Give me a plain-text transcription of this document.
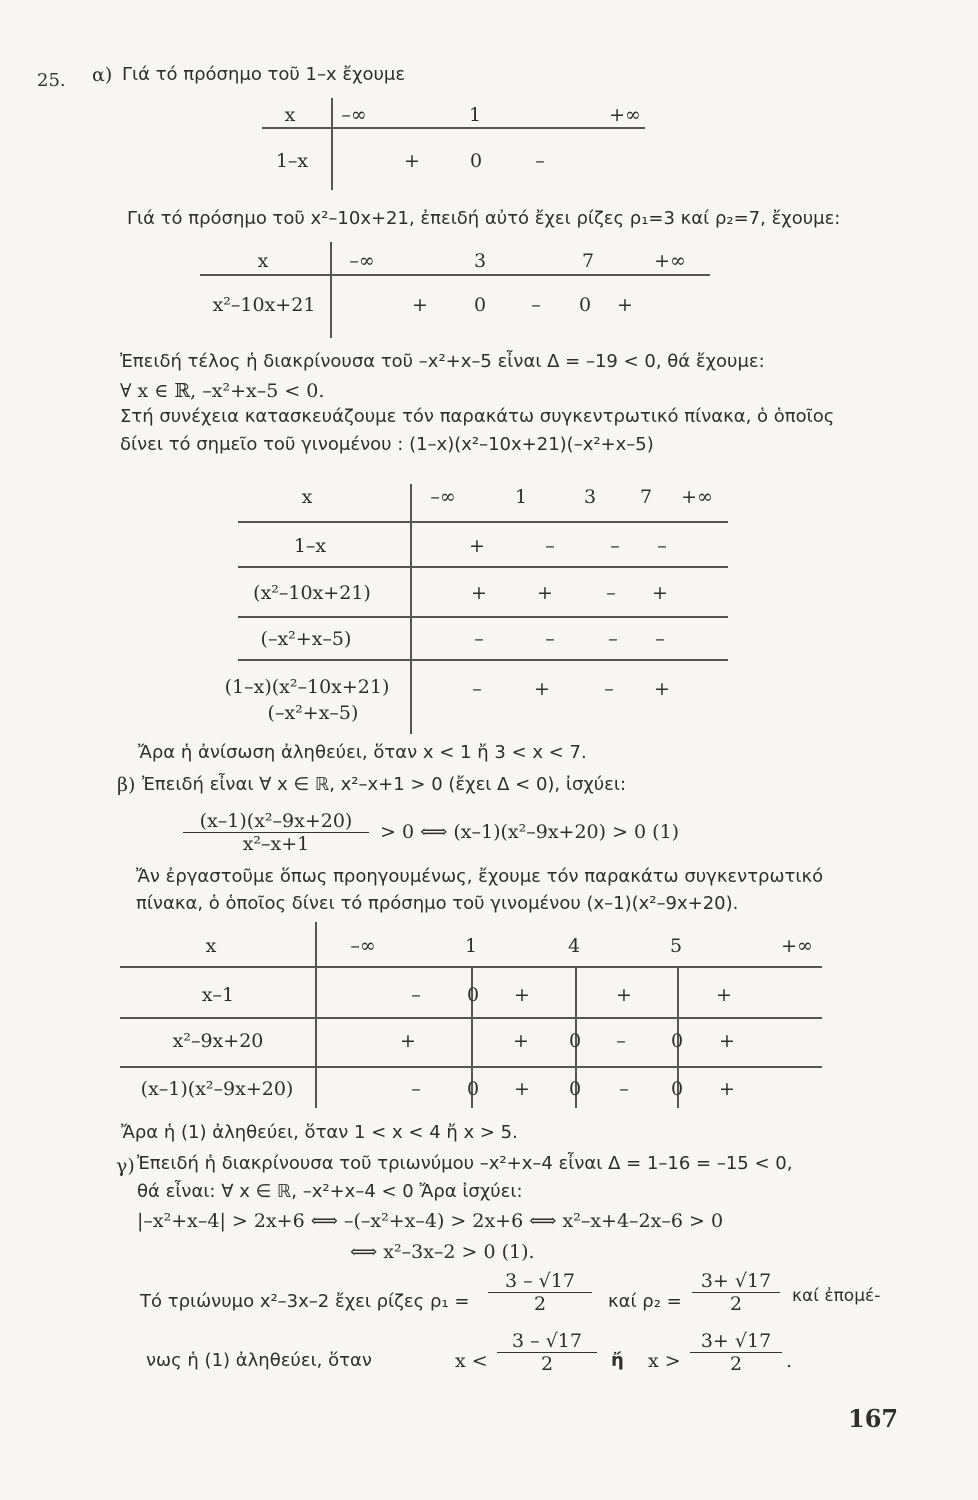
25. α) Γιά τό πρόσημο τοῦ 1–x ἔχουμε
x –∞	1	+∞
1–x	+	0	–
Γιά τό πρόσημο τοῦ x²–10x+21, ἐπειδή αὐτό ἔχει ρίζες ρ₁=3 καί ρ₂=7, ἔχουμε:
x	–∞	3	7	+∞
x²–10x+21	+ 0 – 0 +
Ἐπειδή τέλος ἡ διακρίνουσα τοῦ –x²+x–5 εἶναι Δ = –19 < 0, θά ἔχουμε:
∀ x ∈ ℝ, –x²+x–5 < 0.
Στή συνέχεια κατασκευάζουμε τόν παρακάτω συγκεντρωτικό πίνακα, ὁ ὁποῖος
δίνει τό σημεῖο τοῦ γινομένου : (1–x)(x²–10x+21)(–x²+x–5)
x	–∞	1	3 7 +∞
1–x	+	–	– –
(x²–10x+21)	+	+	– +
(–x²+x–5)	–	–	– –
(1–x)(x²–10x+21)
(–x²+x–5)
–	+	– +
Ἄρα ἡ ἀνίσωση ἀληθεύει, ὅταν x < 1 ἤ 3 < x < 7.
β) Ἐπειδή εἶναι ∀ x ∈ ℝ, x²–x+1 > 0 (ἔχει Δ < 0), ἰσχύει:
(x–1)(x²–9x+20)
x²–x+1
> 0 ⟺ (x–1)(x²–9x+20) > 0 (1)
Ἄν ἐργαστοῦμε ὅπως προηγουμένως, ἔχουμε τόν παρακάτω συγκεντρωτικό
πίνακα, ὁ ὁποῖος δίνει τό πρόσημο τοῦ γινομένου (x–1)(x²–9x+20).
x	–∞	1	4	5	+∞
x–1	– 0 +	+	+
x²–9x+20	+	+ 0 – 0 +
(x–1)(x²–9x+20)	– 0 + 0 – 0 +
Ἄρα ἡ (1) ἀληθεύει, ὅταν 1 < x < 4 ἤ x > 5.
γ) Ἐπειδή ἡ διακρίνουσα τοῦ τριωνύμου –x²+x–4 εἶναι Δ = 1–16 = –15 < 0,
θά εἶναι: ∀ x ∈ ℝ, –x²+x–4 < 0 Ἄρα ἰσχύει:
|–x²+x–4| > 2x+6 ⟺ –(–x²+x–4) > 2x+6 ⟺ x²–x+4–2x–6 > 0
⟺ x²–3x–2 > 0 (1).
Τό τριώνυμο x²–3x–2 ἔχει ρίζες ρ₁ =
3 – √17
2	καί ρ₂ =
3+ √17
2	καί ἐπομέ-
νως ἡ (1) ἀληθεύει, ὅταν	x <
3 – √17
2	ἤ x >
3+ √17
2	.
167
